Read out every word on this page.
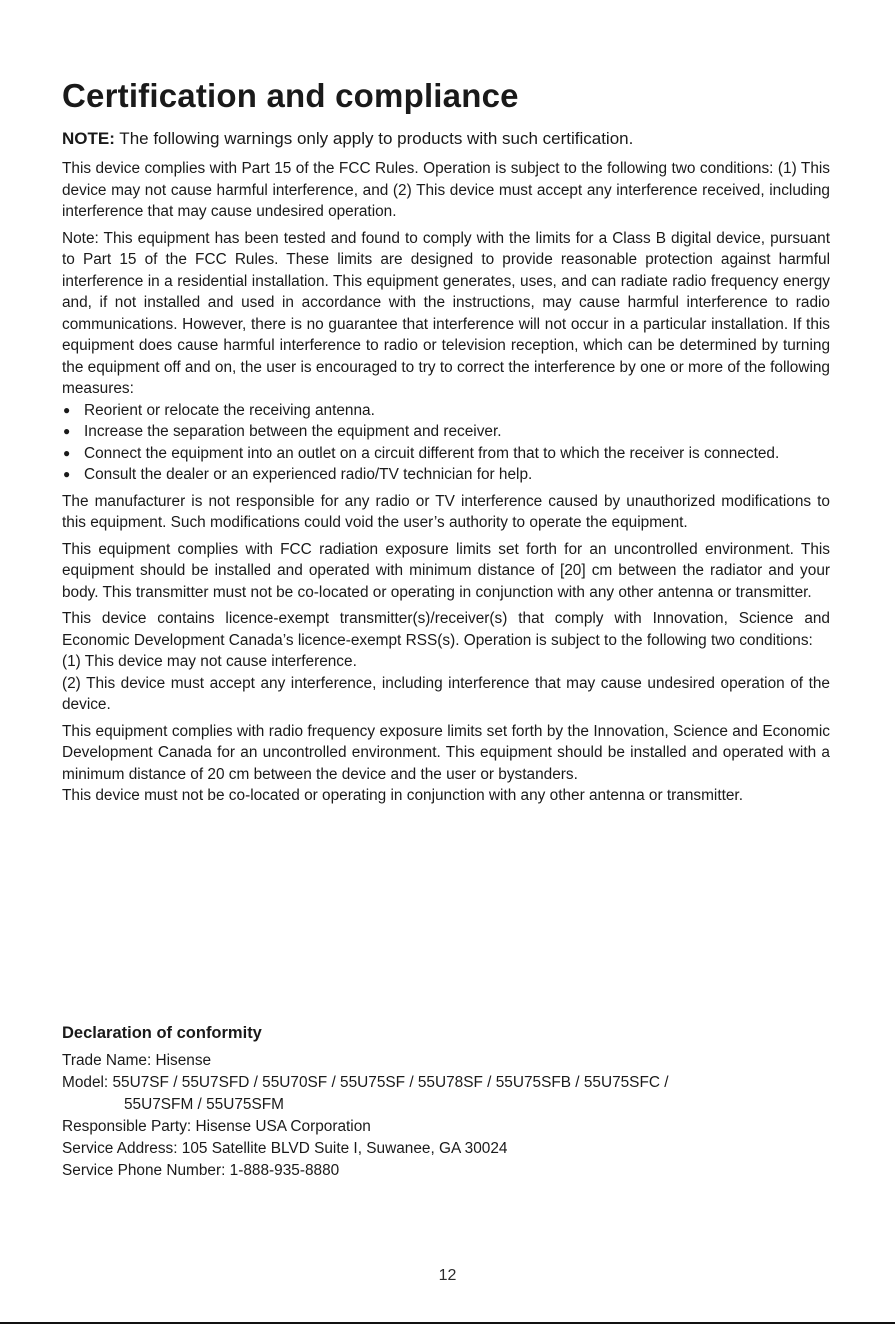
Certification and compliance
NOTE: The following warnings only apply to products with such certification.

This device complies with Part 15 of the FCC Rules. Operation is subject to the following two conditions: (1) This device may not cause harmful interference, and (2) This device must accept any interference received, including interference that may cause undesired operation.

Note: This equipment has been tested and found to comply with the limits for a Class B digital device, pursuant to Part 15 of the FCC Rules. These limits are designed to provide reasonable protection against harmful interference in a residential installation. This equipment generates, uses, and can radiate radio frequency energy and, if not installed and used in accordance with the instructions, may cause harmful interference to radio communications. However, there is no guarantee that interference will not occur in a particular installation. If this equipment does cause harmful interference to radio or television reception, which can be determined by turning the equipment off and on, the user is encouraged to try to correct the interference by one or more of the following measures:

● Reorient or relocate the receiving antenna.
● Increase the separation between the equipment and receiver.
● Connect the equipment into an outlet on a circuit different from that to which the receiver is connected.
● Consult the dealer or an experienced radio/TV technician for help.

The manufacturer is not responsible for any radio or TV interference caused by unauthorized modifications to this equipment. Such modifications could void the user’s authority to operate the equipment.

This equipment complies with FCC radiation exposure limits set forth for an uncontrolled environment. This equipment should be installed and operated with minimum distance of [20] cm between the radiator and your body. This transmitter must not be co-located or operating in conjunction with any other antenna or transmitter.

This device contains licence-exempt transmitter(s)/receiver(s) that comply with Innovation, Science and Economic Development Canada’s licence-exempt RSS(s). Operation is subject to the following two conditions:

(1) This device may not cause interference.

(2) This device must accept any interference, including interference that may cause undesired operation of the device.

This equipment complies with radio frequency exposure limits set forth by the Innovation, Science and Economic Development Canada for an uncontrolled environment. This equipment should be installed and operated with a minimum distance of 20 cm between the device and the user or bystanders.

This device must not be co-located or operating in conjunction with any other antenna or transmitter.

Declaration of conformity
Trade Name: Hisense
Model: 55U7SF / 55U7SFD / 55U70SF / 55U75SF / 55U78SF / 55U75SFB / 55U75SFC /
55U7SFM / 55U75SFM
Responsible Party: Hisense USA Corporation
Service Address: 105 Satellite BLVD Suite I, Suwanee, GA 30024
Service Phone Number: 1-888-935-8880
12
